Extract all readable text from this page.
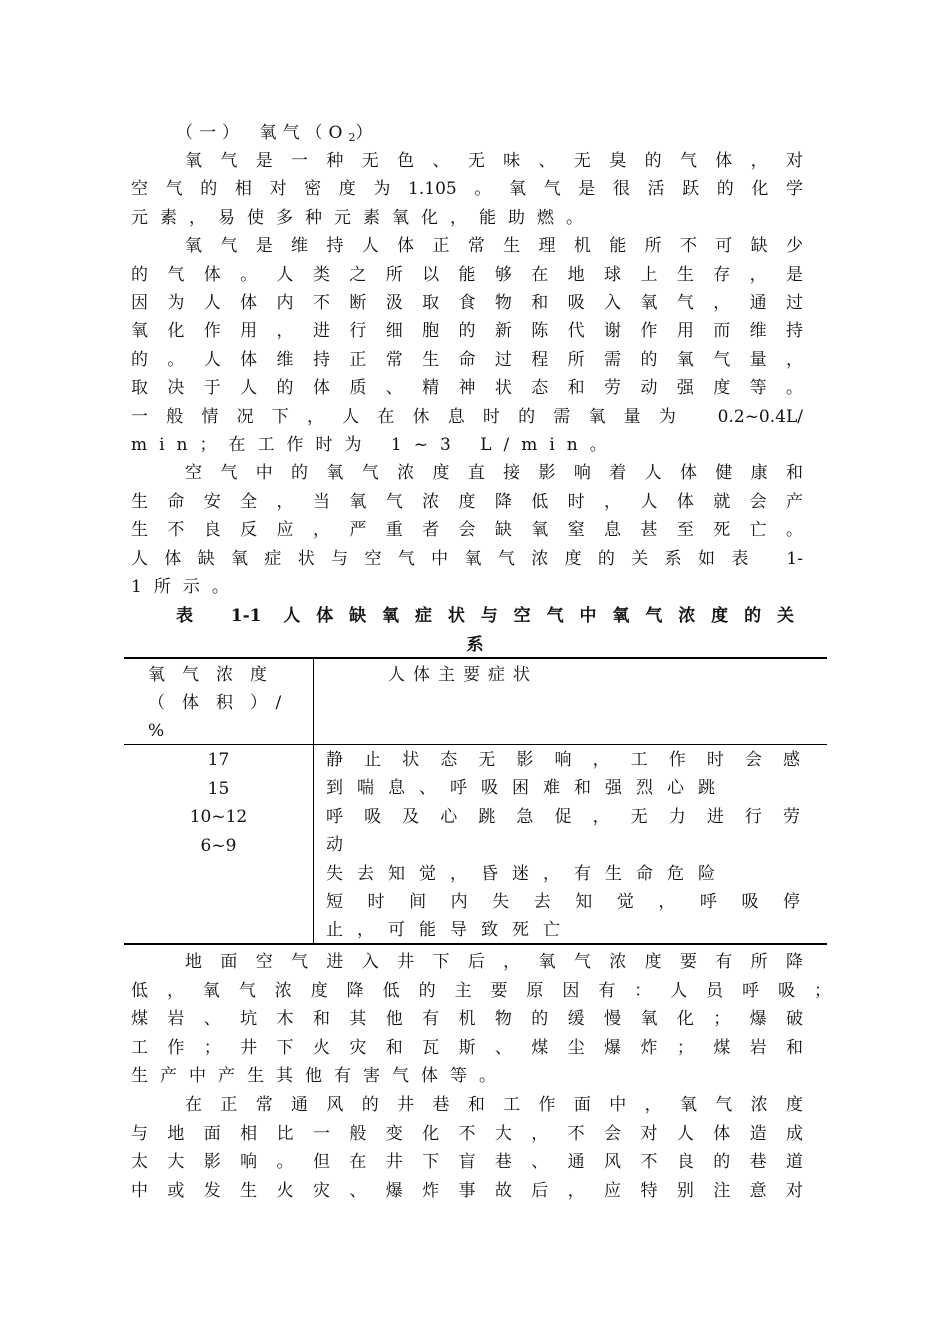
（一）　氧气$(O_2)$
氧气是一种无色、无味、无臭的气体，对
空气的相对密度为1.105。氧气是很活跃的化学
元素，易使多种元素氧化，能助燃。
氧气是维持人体正常生理机能所不可缺少
的气体。人类之所以能够在地球上生存，是
因为人体内不断汲取食物和吸入氧气，通过
氧化作用，进行细胞的新陈代谢作用而维持
的。人体维持正常生命过程所需的氧气量，
取决于人的体质、精神状态和劳动强度等。
一般情况下，人在休息时的需氧量为 0.2~0.4L/
min；在工作时为 1~3 L/min。
空气中的氧气浓度直接影响着人体健康和
生命安全，当氧气浓度降低时，人体就会产
生不良反应，严重者会缺氧窒息甚至死亡。
人体缺氧症状与空气中氧气浓度的关系如表 1-
1所示。
表 1-1 人体缺氧症状与空气中氧气浓度的关
系
氧　气　浓　度
（　体　积　）　/
%
人体主要症状
17
15
10~12
6~9
静止状态无影响，工作时会感
到喘息、呼吸困难和强烈心跳
呼吸及心跳急促，无力进行劳
动
失去知觉，昏迷，有生命危险
短时间内失去知觉，呼吸停
止，可能导致死亡
地面空气进入井下后，氧气浓度要有所降
低，氧气浓度降低的主要原因有：人员呼吸；
煤岩、坑木和其他有机物的缓慢氧化；爆破
工作；井下火灾和瓦斯、煤尘爆炸；煤岩和
生产中产生其他有害气体等。
在正常通风的井巷和工作面中，氧气浓度
与地面相比一般变化不大，不会对人体造成
太大影响。但在井下盲巷、通风不良的巷道
中或发生火灾、爆炸事故后，应特别注意对
